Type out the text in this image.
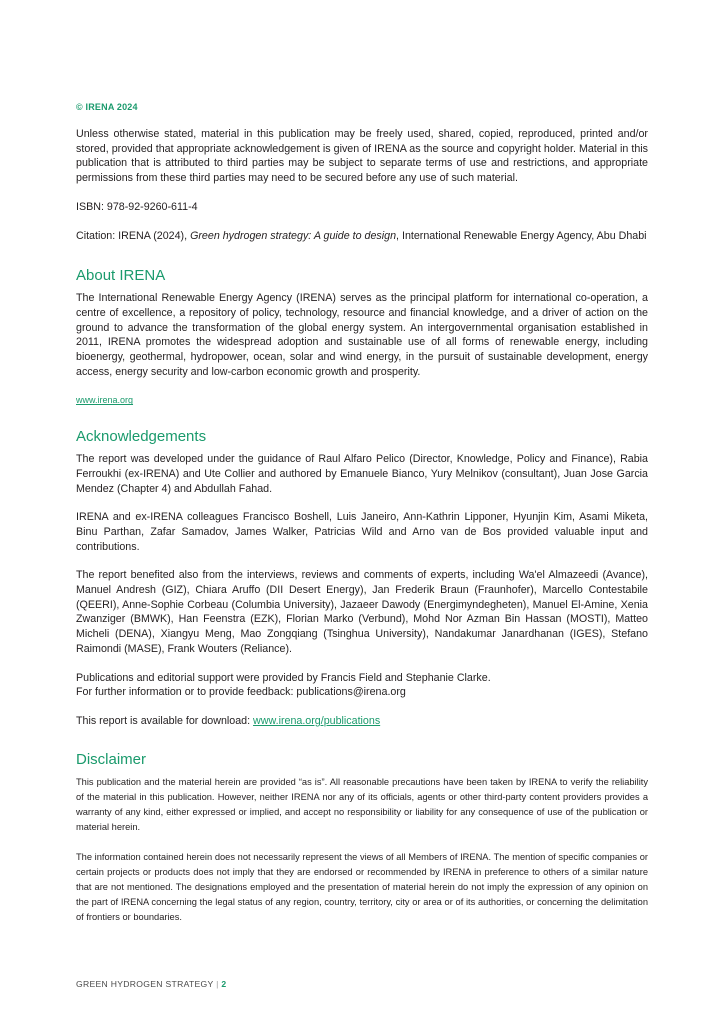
© IRENA 2024

Unless otherwise stated, material in this publication may be freely used, shared, copied, reproduced, printed and/or stored, provided that appropriate acknowledgement is given of IRENA as the source and copyright holder. Material in this publication that is attributed to third parties may be subject to separate terms of use and restrictions, and appropriate permissions from these third parties may need to be secured before any use of such material.

ISBN: 978-92-9260-611-4

Citation: IRENA (2024), Green hydrogen strategy: A guide to design, International Renewable Energy Agency, Abu Dhabi

About IRENA

The International Renewable Energy Agency (IRENA) serves as the principal platform for international co-operation, a centre of excellence, a repository of policy, technology, resource and financial knowledge, and a driver of action on the ground to advance the transformation of the global energy system. An intergovernmental organisation established in 2011, IRENA promotes the widespread adoption and sustainable use of all forms of renewable energy, including bioenergy, geothermal, hydropower, ocean, solar and wind energy, in the pursuit of sustainable development, energy access, energy security and low-carbon economic growth and prosperity.

www.irena.org

Acknowledgements

The report was developed under the guidance of Raul Alfaro Pelico (Director, Knowledge, Policy and Finance), Rabia Ferroukhi (ex-IRENA) and Ute Collier and authored by Emanuele Bianco, Yury Melnikov (consultant), Juan Jose Garcia Mendez (Chapter 4) and Abdullah Fahad.

IRENA and ex-IRENA colleagues Francisco Boshell, Luis Janeiro, Ann-Kathrin Lipponer, Hyunjin Kim, Asami Miketa, Binu Parthan, Zafar Samadov, James Walker, Patricias Wild and Arno van de Bos provided valuable input and contributions.

The report benefited also from the interviews, reviews and comments of experts, including Wa'el Almazeedi (Avance), Manuel Andresh (GIZ), Chiara Aruffo (DII Desert Energy), Jan Frederik Braun (Fraunhofer), Marcello Contestabile (QEERI), Anne-Sophie Corbeau (Columbia University), Jazaeer Dawody (Energimyndegheten), Manuel El-Amine, Xenia Zwanziger (BMWK), Han Feenstra (EZK), Florian Marko (Verbund), Mohd Nor Azman Bin Hassan (MOSTI), Matteo Micheli (DENA), Xiangyu Meng, Mao Zongqiang (Tsinghua University), Nandakumar Janardhanan (IGES), Stefano Raimondi (MASE), Frank Wouters (Reliance).

Publications and editorial support were provided by Francis Field and Stephanie Clarke.

For further information or to provide feedback: publications@irena.org

This report is available for download: www.irena.org/publications

Disclaimer

This publication and the material herein are provided “as is”. All reasonable precautions have been taken by IRENA to verify the reliability of the material in this publication. However, neither IRENA nor any of its officials, agents or other third-party content providers provides a warranty of any kind, either expressed or implied, and accept no responsibility or liability for any consequence of use of the publication or material herein.

The information contained herein does not necessarily represent the views of all Members of IRENA. The mention of specific companies or certain projects or products does not imply that they are endorsed or recommended by IRENA in preference to others of a similar nature that are not mentioned. The designations employed and the presentation of material herein do not imply the expression of any opinion on the part of IRENA concerning the legal status of any region, country, territory, city or area or of its authorities, or concerning the delimitation of frontiers or boundaries.

GREEN HYDROGEN STRATEGY | 2
